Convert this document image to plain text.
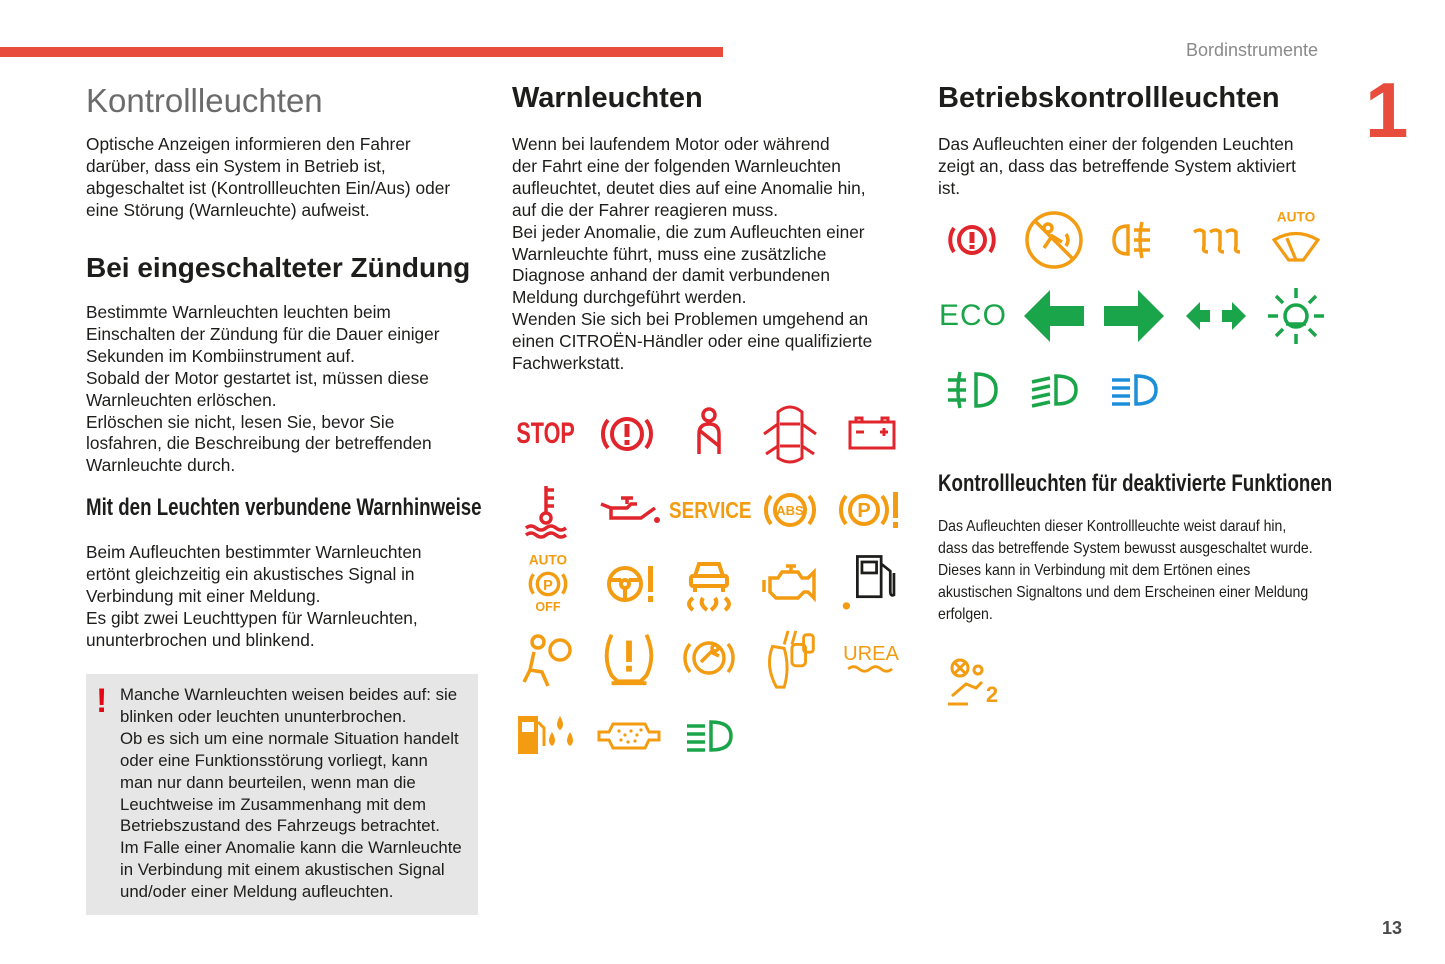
Bordinstrumente
1
13
Kontrollleuchten
Optische Anzeigen informieren den Fahrer
darüber, dass ein System in Betrieb ist,
abgeschaltet ist (Kontrollleuchten Ein/Aus) oder
eine Störung (Warnleuchte) aufweist.
Bei eingeschalteter Zündung
Bestimmte Warnleuchten leuchten beim
Einschalten der Zündung für die Dauer einiger
Sekunden im Kombiinstrument auf.
Sobald der Motor gestartet ist, müssen diese
Warnleuchten erlöschen.
Erlöschen sie nicht, lesen Sie, bevor Sie
losfahren, die Beschreibung der betreffenden
Warnleuchte durch.
Mit den Leuchten verbundene Warnhinweise
Beim Aufleuchten bestimmter Warnleuchten
ertönt gleichzeitig ein akustisches Signal in
Verbindung mit einer Meldung.
Es gibt zwei Leuchttypen für Warnleuchten,
ununterbrochen und blinkend.
! Manche Warnleuchten weisen beides auf: sie
blinken oder leuchten ununterbrochen.
Ob es sich um eine normale Situation handelt
oder eine Funktionsstörung vorliegt, kann
man nur dann beurteilen, wenn man die
Leuchtweise im Zusammenhang mit dem
Betriebszustand des Fahrzeugs betrachtet.
Im Falle einer Anomalie kann die Warnleuchte
in Verbindung mit einem akustischen Signal
und/oder einer Meldung aufleuchten.
Warnleuchten
Wenn bei laufendem Motor oder während
der Fahrt eine der folgenden Warnleuchten
aufleuchtet, deutet dies auf eine Anomalie hin,
auf die der Fahrer reagieren muss.
Bei jeder Anomalie, die zum Aufleuchten einer
Warnleuchte führt, muss eine zusätzliche
Diagnose anhand der damit verbundenen
Meldung durchgeführt werden.
Wenden Sie sich bei Problemen umgehend an
einen CITROËN-Händler oder eine qualifizierte
Fachwerkstatt.
STOP
SERVICE ABS	P
AUTO
P
OFF
UREA
Betriebskontrollleuchten
Das Aufleuchten einer der folgenden Leuchten
zeigt an, dass das betreffende System aktiviert
ist.
Kontrollleuchten für deaktivierte Funktionen
Das Aufleuchten dieser Kontrollleuchte weist darauf hin,
dass das betreffende System bewusst ausgeschaltet wurde.
Dieses kann in Verbindung mit dem Ertönen eines
akustischen Signaltons und dem Erscheinen einer Meldung
erfolgen.
AUTO
ECO
2
